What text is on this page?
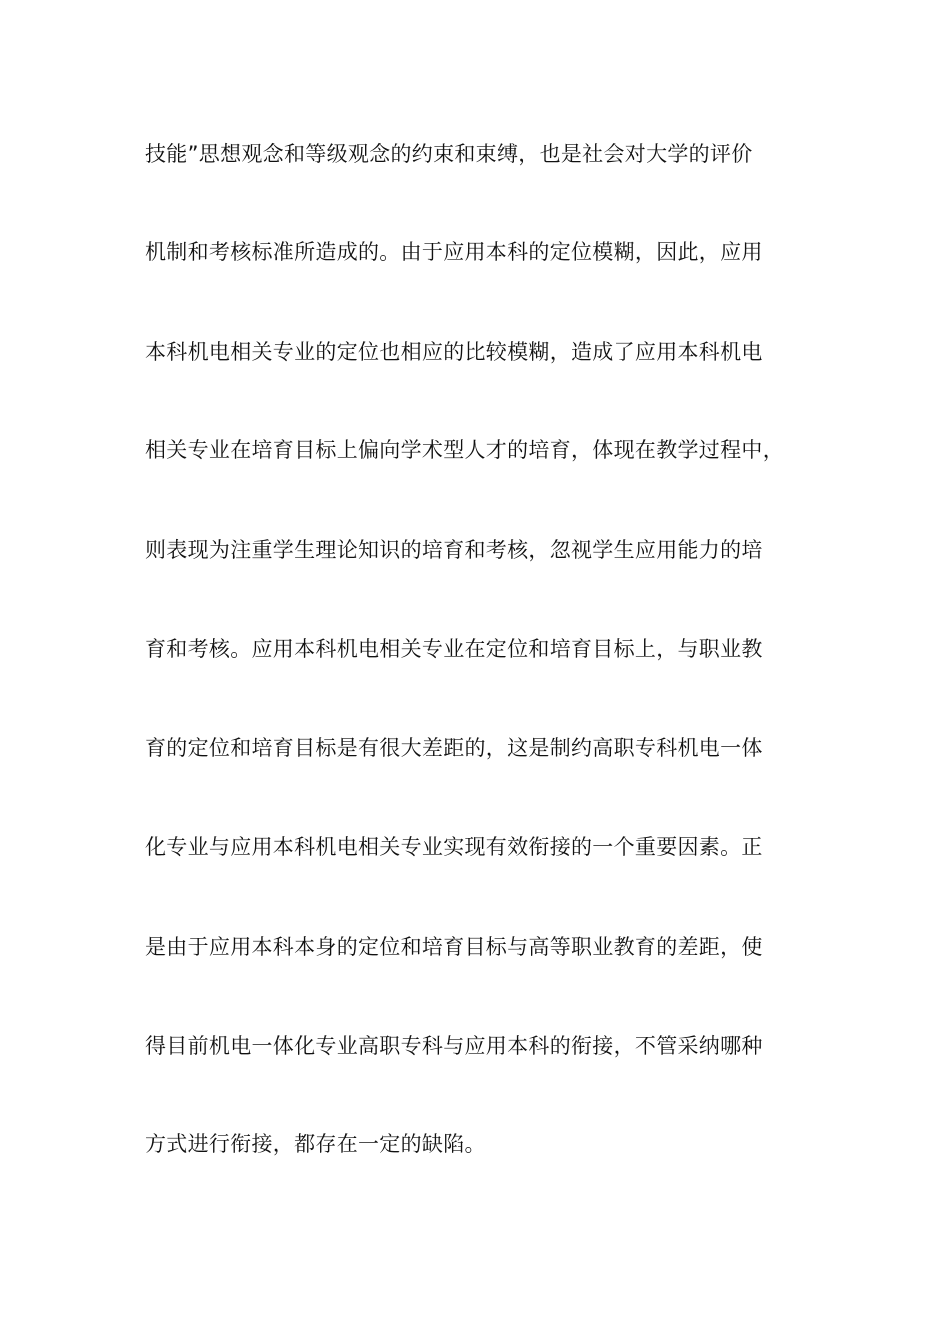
技能”思想观念和等级观念的约束和束缚，也是社会对大学的评价
机制和考核标准所造成的。由于应用本科的定位模糊，因此，应用
本科机电相关专业的定位也相应的比较模糊，造成了应用本科机电
相关专业在培育目标上偏向学术型人才的培育，体现在教学过程中，
则表现为注重学生理论知识的培育和考核，忽视学生应用能力的培
育和考核。应用本科机电相关专业在定位和培育目标上，与职业教
育的定位和培育目标是有很大差距的，这是制约高职专科机电一体
化专业与应用本科机电相关专业实现有效衔接的一个重要因素。正
是由于应用本科本身的定位和培育目标与高等职业教育的差距，使
得目前机电一体化专业高职专科与应用本科的衔接，不管采纳哪种
方式进行衔接，都存在一定的缺陷。
